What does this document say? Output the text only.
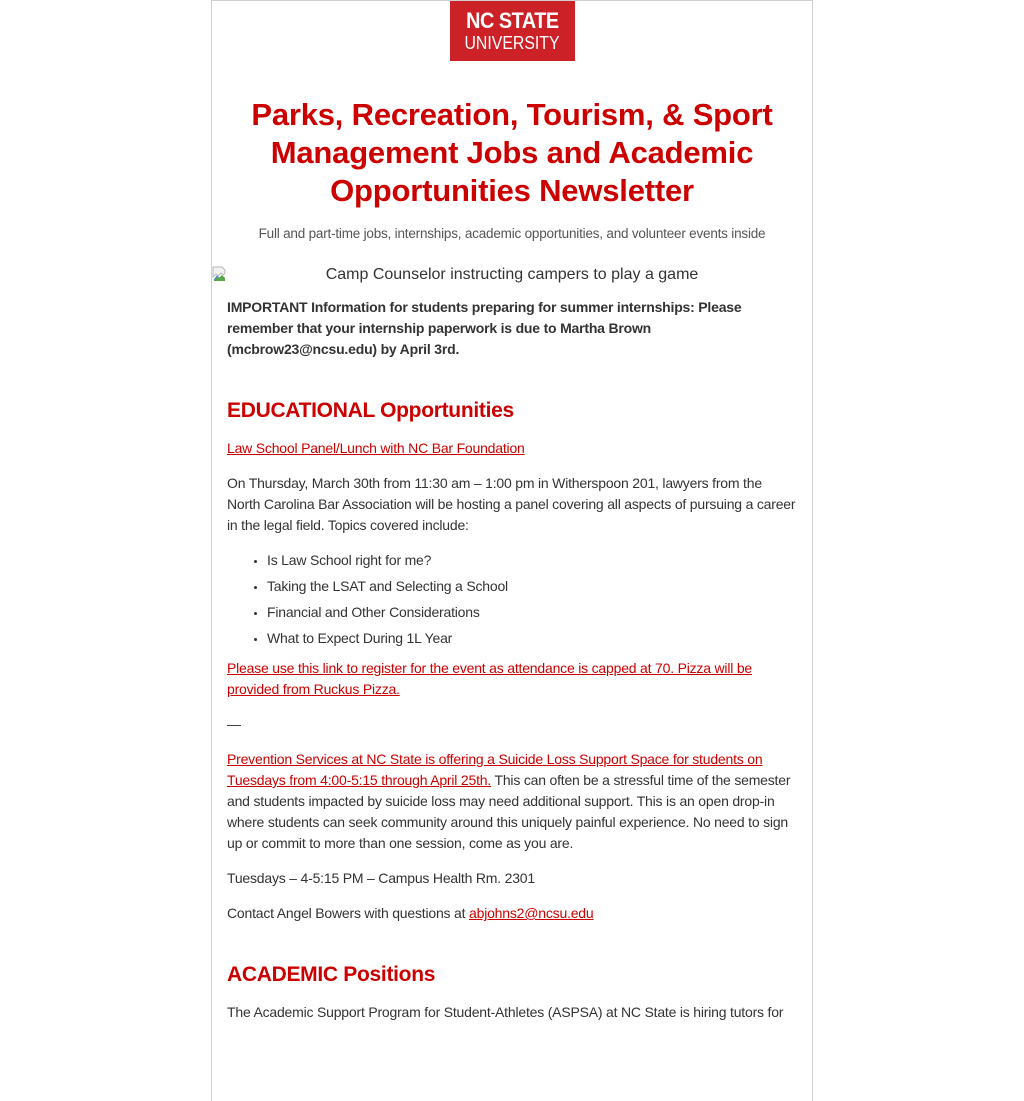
NC STATE
UNIVERSITY
Parks, Recreation, Tourism, & Sport Management Jobs and Academic Opportunities Newsletter
Full and part-time jobs, internships, academic opportunities, and volunteer events inside
Camp Counselor instructing campers to play a game

IMPORTANT Information for students preparing for summer internships: Please remember that your internship paperwork is due to Martha Brown (mcbrow23@ncsu.edu) by April 3rd.

EDUCATIONAL Opportunities

Law School Panel/Lunch with NC Bar Foundation

On Thursday, March 30th from 11:30 am – 1:00 pm in Witherspoon 201, lawyers from the North Carolina Bar Association will be hosting a panel covering all aspects of pursuing a career in the legal field. Topics covered include:

• Is Law School right for me?
• Taking the LSAT and Selecting a School
• Financial and Other Considerations
• What to Expect During 1L Year

Please use this link to register for the event as attendance is capped at 70. Pizza will be provided from Ruckus Pizza.

—

Prevention Services at NC State is offering a Suicide Loss Support Space for students on Tuesdays from 4:00-5:15 through April 25th. This can often be a stressful time of the semester and students impacted by suicide loss may need additional support. This is an open drop-in where students can seek community around this uniquely painful experience. No need to sign up or commit to more than one session, come as you are.

Tuesdays – 4-5:15 PM – Campus Health Rm. 2301

Contact Angel Bowers with questions at abjohns2@ncsu.edu

ACADEMIC Positions

The Academic Support Program for Student-Athletes (ASPSA) at NC State is hiring tutors for
